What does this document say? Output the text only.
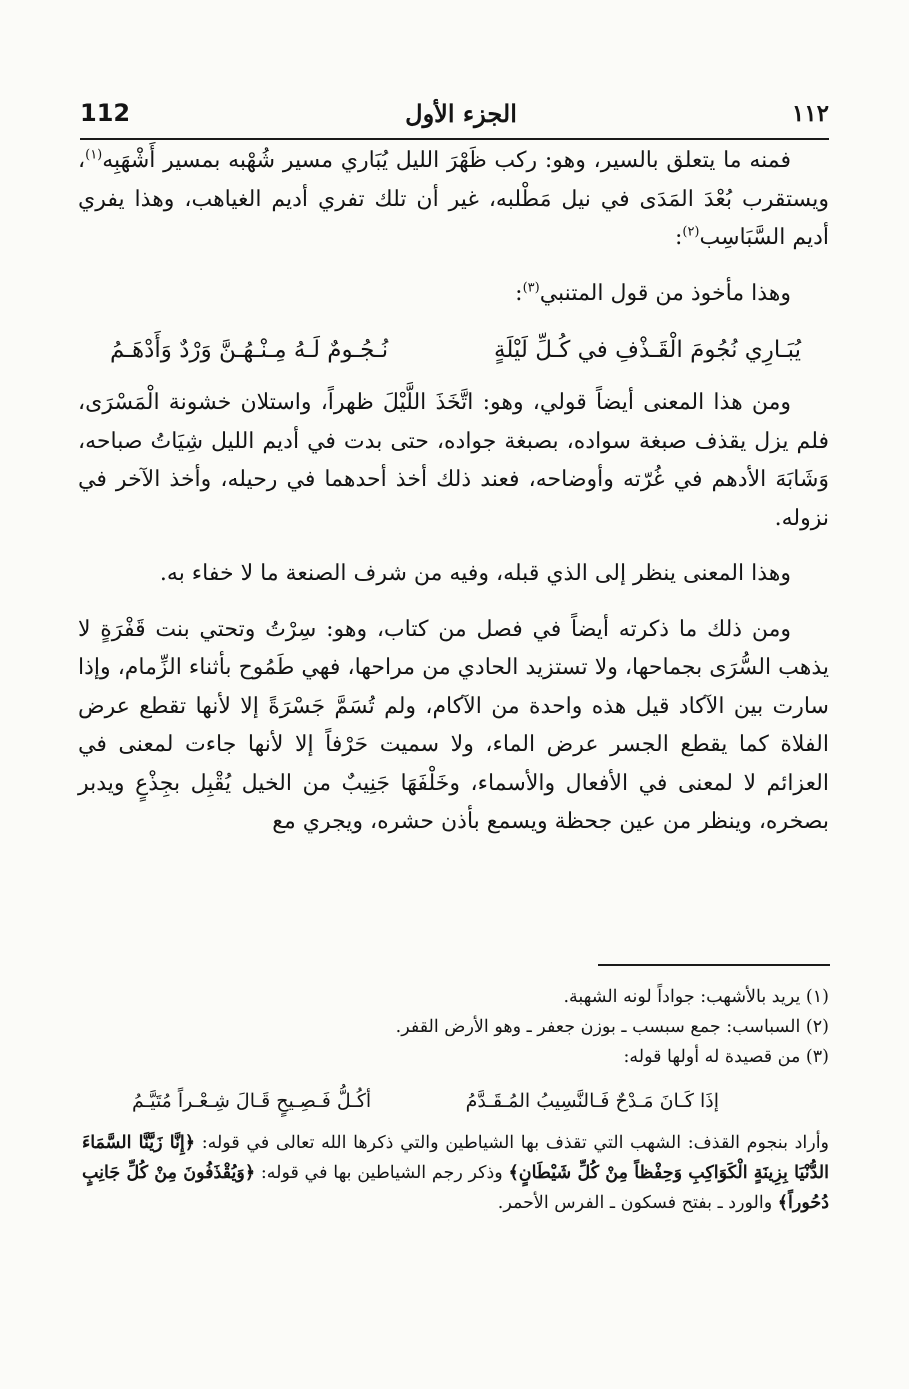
112	الجزء الأول	١١٢

فمنه ما يتعلق بالسير، وهو: ركب ظَهْرَ الليل يُبَاري مسير شُهْبه بمسير أَشْهَبِه$^{(١)}$، ويستقرب بُعْدَ المَدَى في نيل مَطْلبه، غير أن تلك تفري أديم الغياهب، وهذا يفري أديم السَّبَاسِب$^{(٢)}$:

وهذا مأخوذ من قول المتنبي$^{(٣)}$:

يُبَـارِي نُجُومَ الْقَـذْفِ في كُـلِّ لَيْلَةٍ
نُـجُـومٌ لَـهُ مِـنْـهُـنَّ وَرْدٌ وَأَدْهَـمُ

ومن هذا المعنى أيضاً قولي، وهو: اتَّخَذَ اللَّيْلَ ظهراً، واستلان خشونة الْمَسْرَى، فلم يزل يقذف صبغة سواده، بصبغة جواده، حتى بدت في أديم الليل شِيَاتُ صباحه، وَشَابَهَ الأدهم في غُرّته وأوضاحه، فعند ذلك أخذ أحدهما في رحيله، وأخذ الآخر في نزوله.

وهذا المعنى ينظر إلى الذي قبله، وفيه من شرف الصنعة ما لا خفاء به.

ومن ذلك ما ذكرته أيضاً في فصل من كتاب، وهو: سِرْتُ وتحتي بنت قَفْرَةٍ لا يذهب السُّرَى بجماحها، ولا تستزيد الحادي من مراحها، فهي طَمُوح بأثناء الزِّمام، وإذا سارت بين الآكاد قيل هذه واحدة من الآكام، ولم تُسَمَّ جَسْرَةً إلا لأنها تقطع عرض الفلاة كما يقطع الجسر عرض الماء، ولا سميت حَرْفاً إلا لأنها جاءت لمعنى في العزائم لا لمعنى في الأفعال والأسماء، وخَلْفَهَا جَنِيبٌ من الخيل يُقْبِل بجِذْعٍ ويدبر بصخره، وينظر من عين جحظة ويسمع بأذن حشره، ويجري مع

(١) يريد بالأشهب: جواداً لونه الشهبة.

(٢) السباسب: جمع سبسب ـ بوزن جعفر ـ وهو الأرض القفر.

(٣) من قصيدة له أولها قوله:

إذَا كَـانَ مَـدْحٌ فَـالنَّسِيبُ المُـقَـدَّمُ
أكُـلُّ فَـصِـيحٍ قَـالَ شِـعْـراً مُتَيَّـمُ

وأراد بنجوم القذف: الشهب التي تقذف بها الشياطين والتي ذكرها الله تعالى في قوله: ﴿إِنَّا زَيَّنَّا السَّمَاءَ الدُّنْيَا بِزِينَةٍ الْكَوَاكِبِ وَحِفْظاً مِنْ كُلِّ شَيْطَانٍ﴾ وذكر رجم الشياطين بها في قوله: ﴿وَيُقْذَفُونَ مِنْ كُلِّ جَانِبٍ دُحُوراً﴾ والورد ـ بفتح فسكون ـ الفرس الأحمر.
